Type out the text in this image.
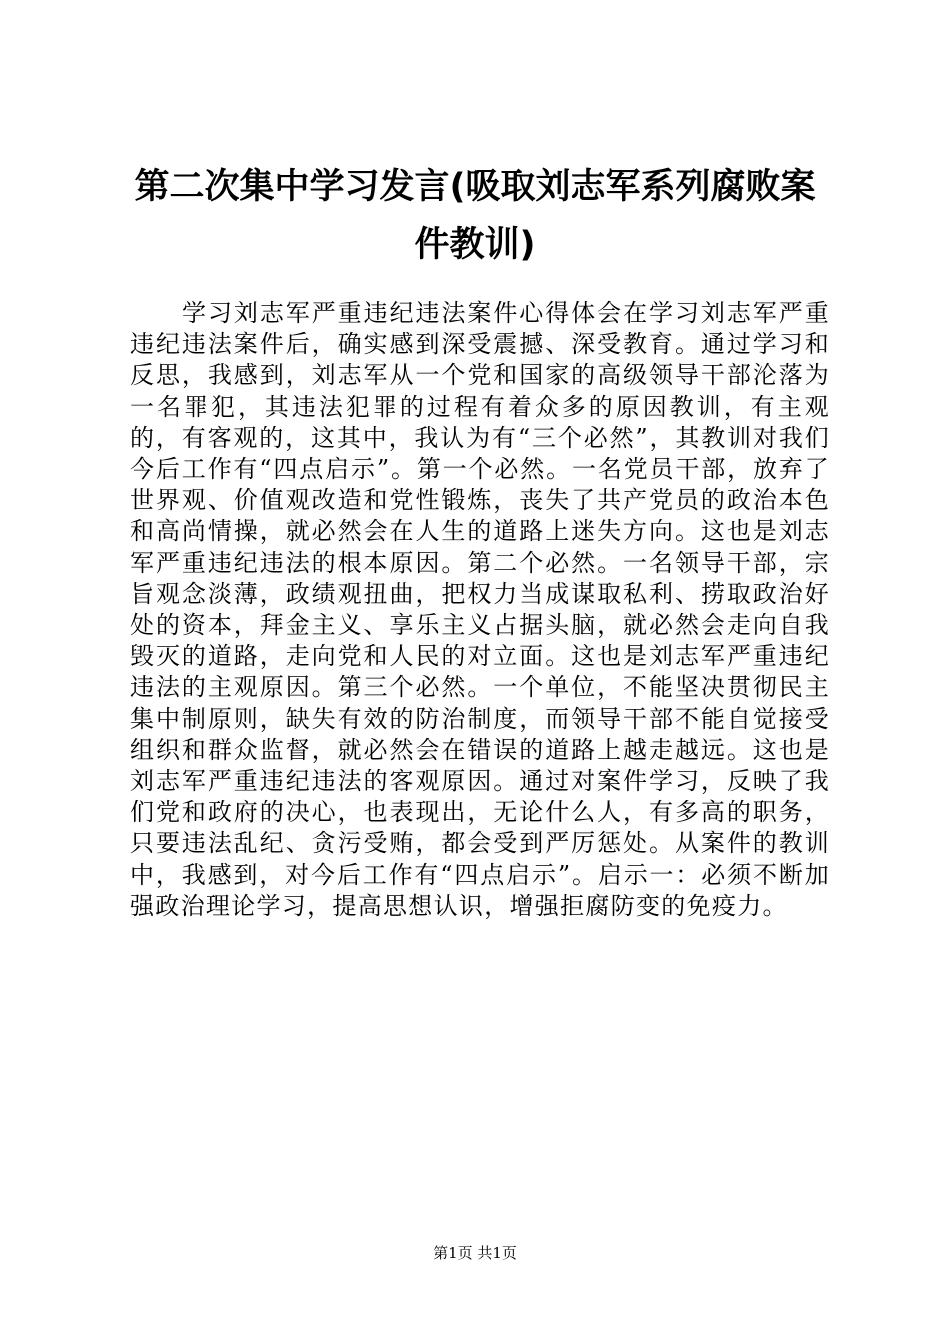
第二次集中学习发言(吸取刘志军系列腐败案件教训)

学习刘志军严重违纪违法案件心得体会在学习刘志军严重违纪违法案件后，确实感到深受震撼、深受教育。通过学习和反思，我感到，刘志军从一个党和国家的高级领导干部沦落为一名罪犯，其违法犯罪的过程有着众多的原因教训，有主观的，有客观的，这其中，我认为有“三个必然”，其教训对我们今后工作有“四点启示”。第一个必然。一名党员干部，放弃了世界观、价值观改造和党性锻炼，丧失了共产党员的政治本色和高尚情操，就必然会在人生的道路上迷失方向。这也是刘志军严重违纪违法的根本原因。第二个必然。一名领导干部，宗旨观念淡薄，政绩观扭曲，把权力当成谋取私利、捞取政治好处的资本，拜金主义、享乐主义占据头脑，就必然会走向自我毁灭的道路，走向党和人民的对立面。这也是刘志军严重违纪违法的主观原因。第三个必然。一个单位，不能坚决贯彻民主集中制原则，缺失有效的防治制度，而领导干部不能自觉接受组织和群众监督，就必然会在错误的道路上越走越远。这也是刘志军严重违纪违法的客观原因。通过对案件学习，反映了我们党和政府的决心，也表现出，无论什么人，有多高的职务，只要违法乱纪、贪污受贿，都会受到严厉惩处。从案件的教训中，我感到，对今后工作有“四点启示”。启示一：必须不断加强政治理论学习，提高思想认识，增强拒腐防变的免疫力。

第1页 共1页
